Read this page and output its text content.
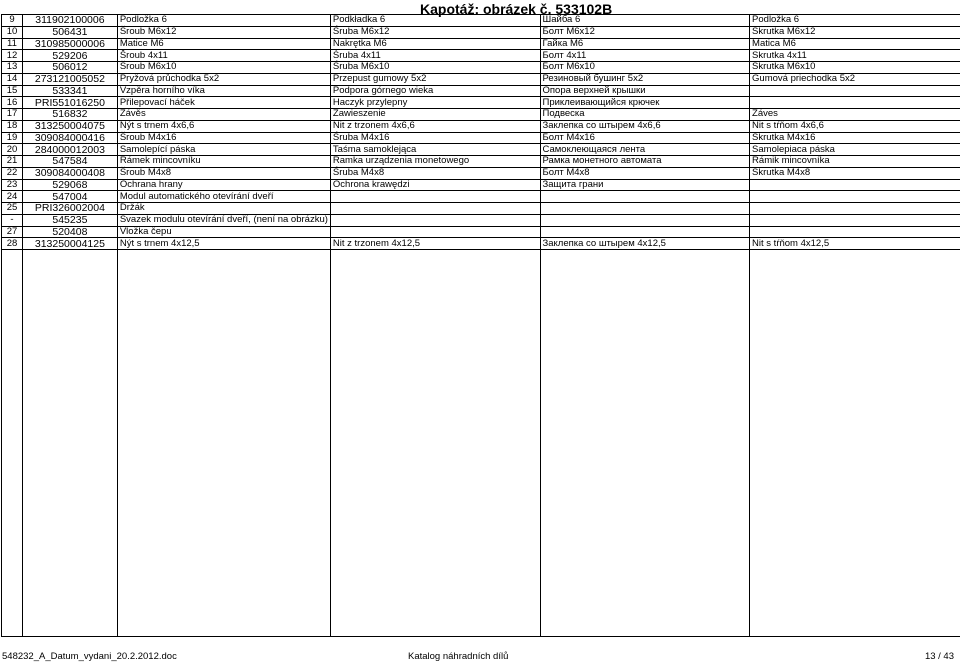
Kapotáž: obrázek č. 533102B
9	311902100006	Podložka 6	Podkładka 6	Шайба 6	Podložka 6
10	506431	Šroub M6x12	Śruba M6x12	Болт M6x12	Skrutka M6x12
11	310985000006	Matice M6	Nakrętka M6	Гайка M6	Matica M6
12	529206	Šroub 4x11	Śruba 4x11	Болт 4x11	Skrutka 4x11
13	506012	Šroub M6x10	Śruba M6x10	Болт M6x10	Skrutka M6x10
14	273121005052	Pryžová průchodka 5x2	Przepust gumowy 5x2	Резиновый бушинг 5x2	Gumová priechodka 5x2
15	533341	Vzpěra horního víka	Podpora górnego wieka	Опора верхней крышки	
16	PRI551016250	Přilepovací háček	Haczyk przylepny	Приклеивающийся крючек	
17	516832	Závěs	Zawieszenie	Подвеска	Záves
18	313250004075	Nýt s trnem 4x6,6	Nit z trzonem 4x6,6	Заклепка со штырем 4x6,6	Nit s tŕňom 4x6,6
19	309084000416	Šroub M4x16	Śruba M4x16	Болт M4x16	Skrutka M4x16
20	284000012003	Samolepící páska	Taśma samoklejąca	Самоклеющаяся лента	Samolepiaca páska
21	547584	Rámek mincovníku	Ramka urządzenia monetowego	Рамка монетного автомата	Rámik mincovníka
22	309084000408	Šroub M4x8	Śruba M4x8	Болт M4x8	Skrutka M4x8
23	529068	Ochrana hrany	Ochrona krawędzi	Защита грани	
24	547004	Modul automatického otevírání dveří			
25	PRI326002004	Držák			
-	545235	Svazek modulu otevírání dveří, (není na obrázku)			
27	520408	Vložka čepu			
28	313250004125	Nýt s trnem 4x12,5	Nit z trzonem 4x12,5	Заклепка со штырем 4x12,5	Nit s tŕňom 4x12,5

548232_A_Datum_vydani_20.2.2012.doc	Katalog náhradních dílů	13 / 43
